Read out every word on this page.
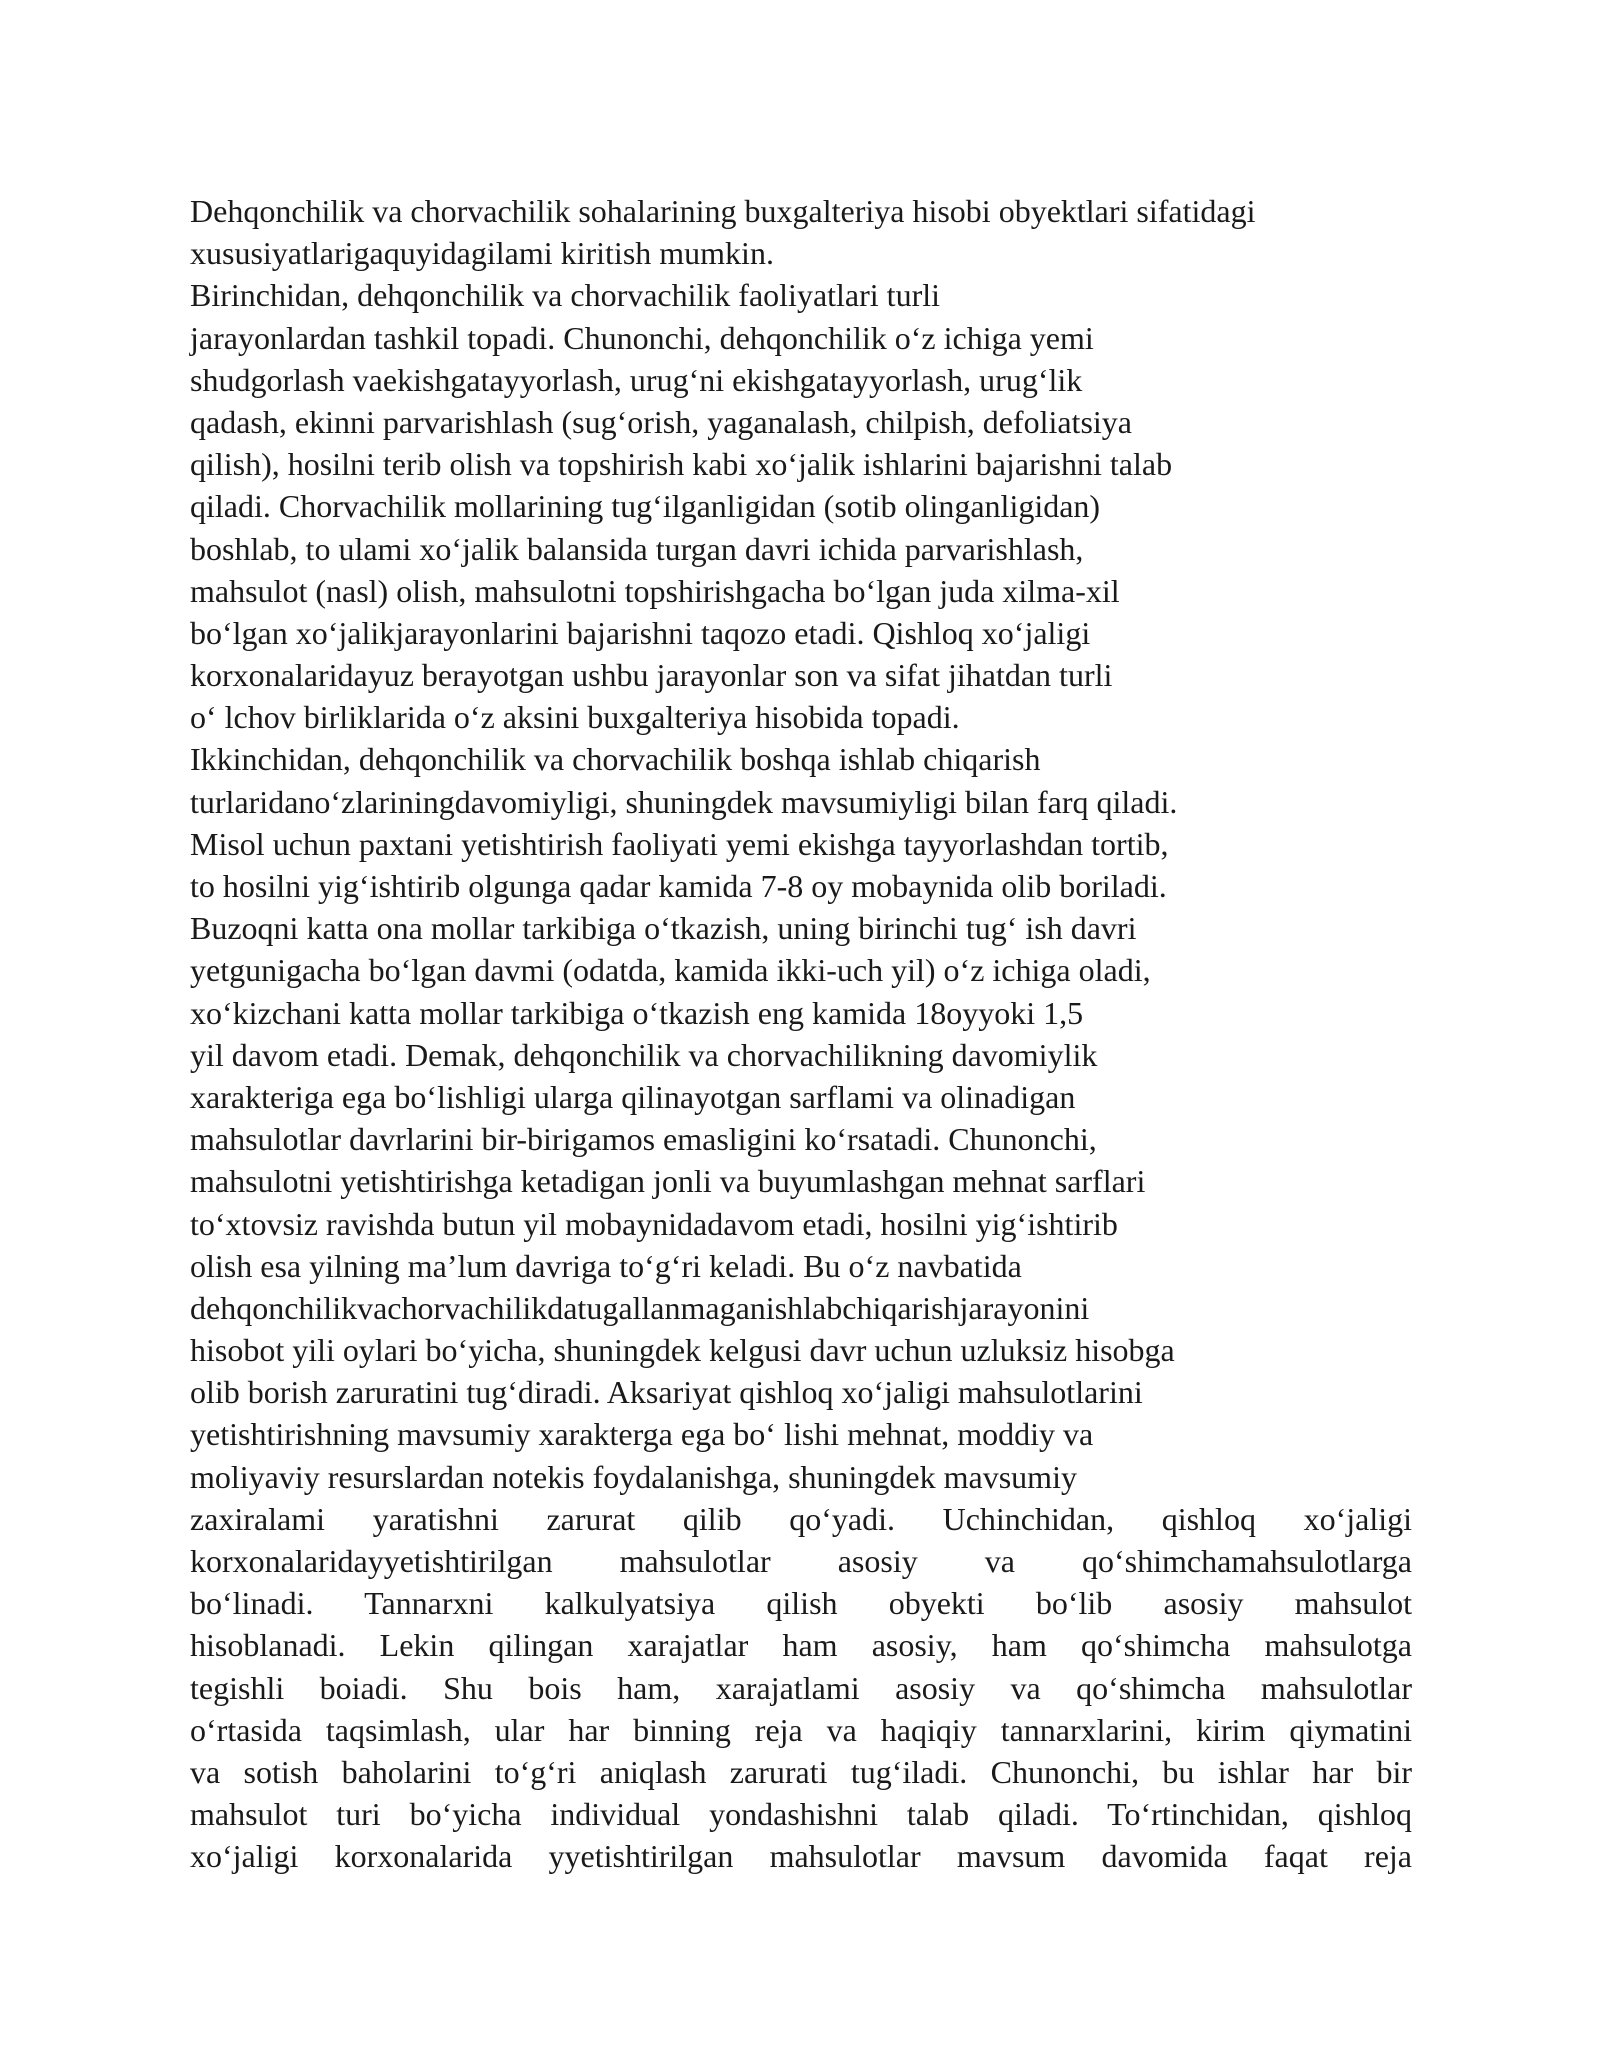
Dehqonchilik va chorvachilik sohalarining buxgalteriya hisobi obyektlari sifatidagi
xususiyatlarigaquyidagilami kiritish mumkin.
Birinchidan, dehqonchilik va chorvachilik faoliyatlari turli
jarayonlardan tashkil topadi. Chunonchi, dehqonchilik o‘z ichiga yemi
shudgorlash vaekishgatayyorlash, urug‘ni ekishgatayyorlash, urug‘lik
qadash, ekinni parvarishlash (sug‘orish, yaganalash, chilpish, defoliatsiya
qilish), hosilni terib olish va topshirish kabi xo‘jalik ishlarini bajarishni talab
qiladi. Chorvachilik mollarining tug‘ilganligidan (sotib olinganligidan)
boshlab, to ulami xo‘jalik balansida turgan davri ichida parvarishlash,
mahsulot (nasl) olish, mahsulotni topshirishgacha bo‘lgan juda xilma-xil
bo‘lgan xo‘jalikjarayonlarini bajarishni taqozo etadi. Qishloq xo‘jaligi
korxonalaridayuz berayotgan ushbu jarayonlar son va sifat jihatdan turli
o‘ lchov birliklarida o‘z aksini buxgalteriya hisobida topadi.
Ikkinchidan, dehqonchilik va chorvachilik boshqa ishlab chiqarish
turlaridano‘zlariningdavomiyligi, shuningdek mavsumiyligi bilan farq qiladi.
Misol uchun paxtani yetishtirish faoliyati yemi ekishga tayyorlashdan tortib,
to hosilni yig‘ishtirib olgunga qadar kamida 7-8 oy mobaynida olib boriladi.
Buzoqni katta ona mollar tarkibiga o‘tkazish, uning birinchi tug‘ ish davri
yetgunigacha bo‘lgan davmi (odatda, kamida ikki-uch yil) o‘z ichiga oladi,
xo‘kizchani katta mollar tarkibiga o‘tkazish eng kamida 18oyyoki 1,5
yil davom etadi. Demak, dehqonchilik va chorvachilikning davomiylik
xarakteriga ega bo‘lishligi ularga qilinayotgan sarflami va olinadigan
mahsulotlar davrlarini bir-birigamos emasligini ko‘rsatadi. Chunonchi,
mahsulotni yetishtirishga ketadigan jonli va buyumlashgan mehnat sarflari
to‘xtovsiz ravishda butun yil mobaynidadavom etadi, hosilni yig‘ishtirib
olish esa yilning ma’lum davriga to‘g‘ri keladi. Bu o‘z navbatida
dehqonchilikvachorvachilikdatugallanmaganishlabchiqarishjarayonini
hisobot yili oylari bo‘yicha, shuningdek kelgusi davr uchun uzluksiz hisobga
olib borish zaruratini tug‘diradi. Aksariyat qishloq xo‘jaligi mahsulotlarini
yetishtirishning mavsumiy xarakterga ega bo‘ lishi mehnat, moddiy va
moliyaviy resurslardan notekis foydalanishga, shuningdek mavsumiy
zaxiralami yaratishni zarurat qilib qo‘yadi. Uchinchidan, qishloq xo‘jaligi
korxonalaridayyetishtirilgan mahsulotlar asosiy va qo‘shimchamahsulotlarga
bo‘linadi. Tannarxni kalkulyatsiya qilish obyekti bo‘lib asosiy mahsulot
hisoblanadi. Lekin qilingan xarajatlar ham asosiy, ham qo‘shimcha mahsulotga
tegishli boiadi. Shu bois ham, xarajatlami asosiy va qo‘shimcha mahsulotlar
o‘rtasida taqsimlash, ular har binning reja va haqiqiy tannarxlarini, kirim qiymatini
va sotish baholarini to‘g‘ri aniqlash zarurati tug‘iladi. Chunonchi, bu ishlar har bir
mahsulot turi bo‘yicha individual yondashishni talab qiladi. To‘rtinchidan, qishloq
xo‘jaligi korxonalarida yyetishtirilgan mahsulotlar mavsum davomida faqat reja
